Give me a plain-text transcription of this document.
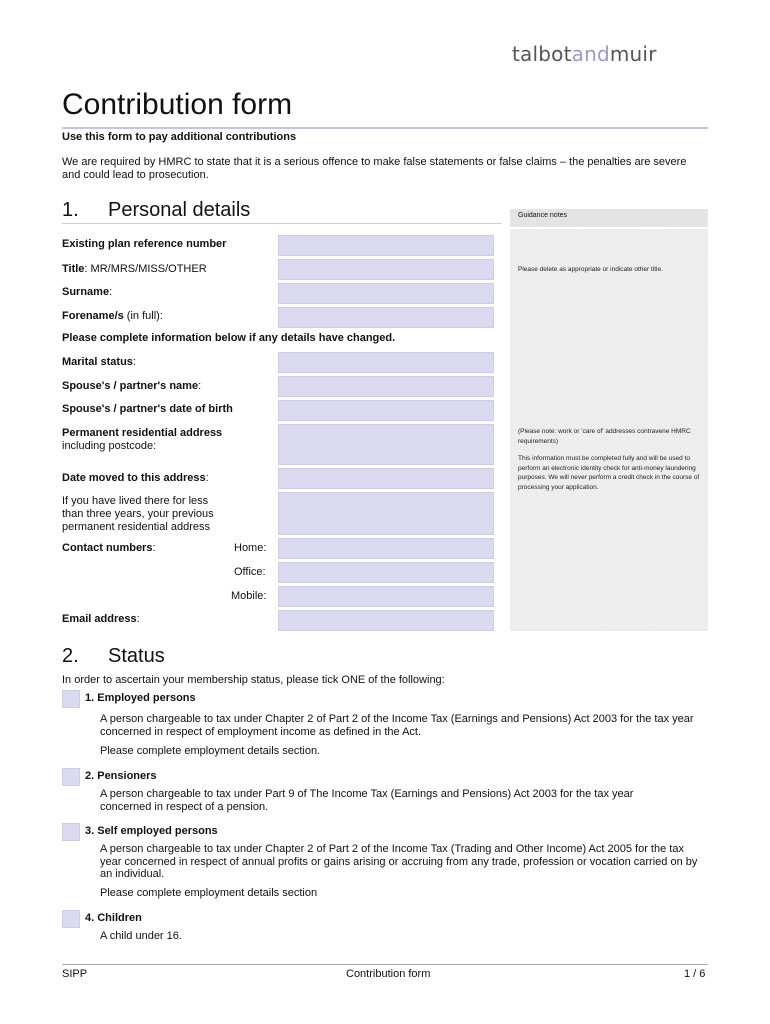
talbotandmuir
Contribution form
Use this form to pay additional contributions
We are required by HMRC to state that it is a serious offence to make false statements or false claims – the penalties are severe and could lead to prosecution.
1. Personal details	Guidance notes
Please delete as appropriate or indicate other title.
(Please note: work or 'care of' addresses contravene HMRC requirements)
This information must be completed fully and will be used to perform an electronic identity check for anti-money laundering purposes. We will never perform a credit check in the course of processing your application.
Existing plan reference number
Title: MR/MRS/MISS/OTHER
Surname:
Forename/s (in full):
Please complete information below if any details have changed.
Marital status:
Spouse's / partner's name:
Spouse's / partner's date of birth
Permanent residential address
including postcode:
Date moved to this address:
If you have lived there for less than three years, your previous permanent residential address
Contact numbers:	Home:
Office:
Mobile:
Email address:
2. Status
In order to ascertain your membership status, please tick ONE of the following:
1. Employed persons
A person chargeable to tax under Chapter 2 of Part 2 of the Income Tax (Earnings and Pensions) Act 2003 for the tax year concerned in respect of employment income as defined in the Act.
Please complete employment details section.
2. Pensioners
A person chargeable to tax under Part 9 of The Income Tax (Earnings and Pensions) Act 2003 for the tax year concerned in respect of a pension.
3. Self employed persons
A person chargeable to tax under Chapter 2 of Part 2 of the Income Tax (Trading and Other Income) Act 2005 for the tax year concerned in respect of annual profits or gains arising or accruing from any trade, profession or vocation carried on by an individual.
Please complete employment details section
4. Children
A child under 16.
SIPP	Contribution form	1 / 6
